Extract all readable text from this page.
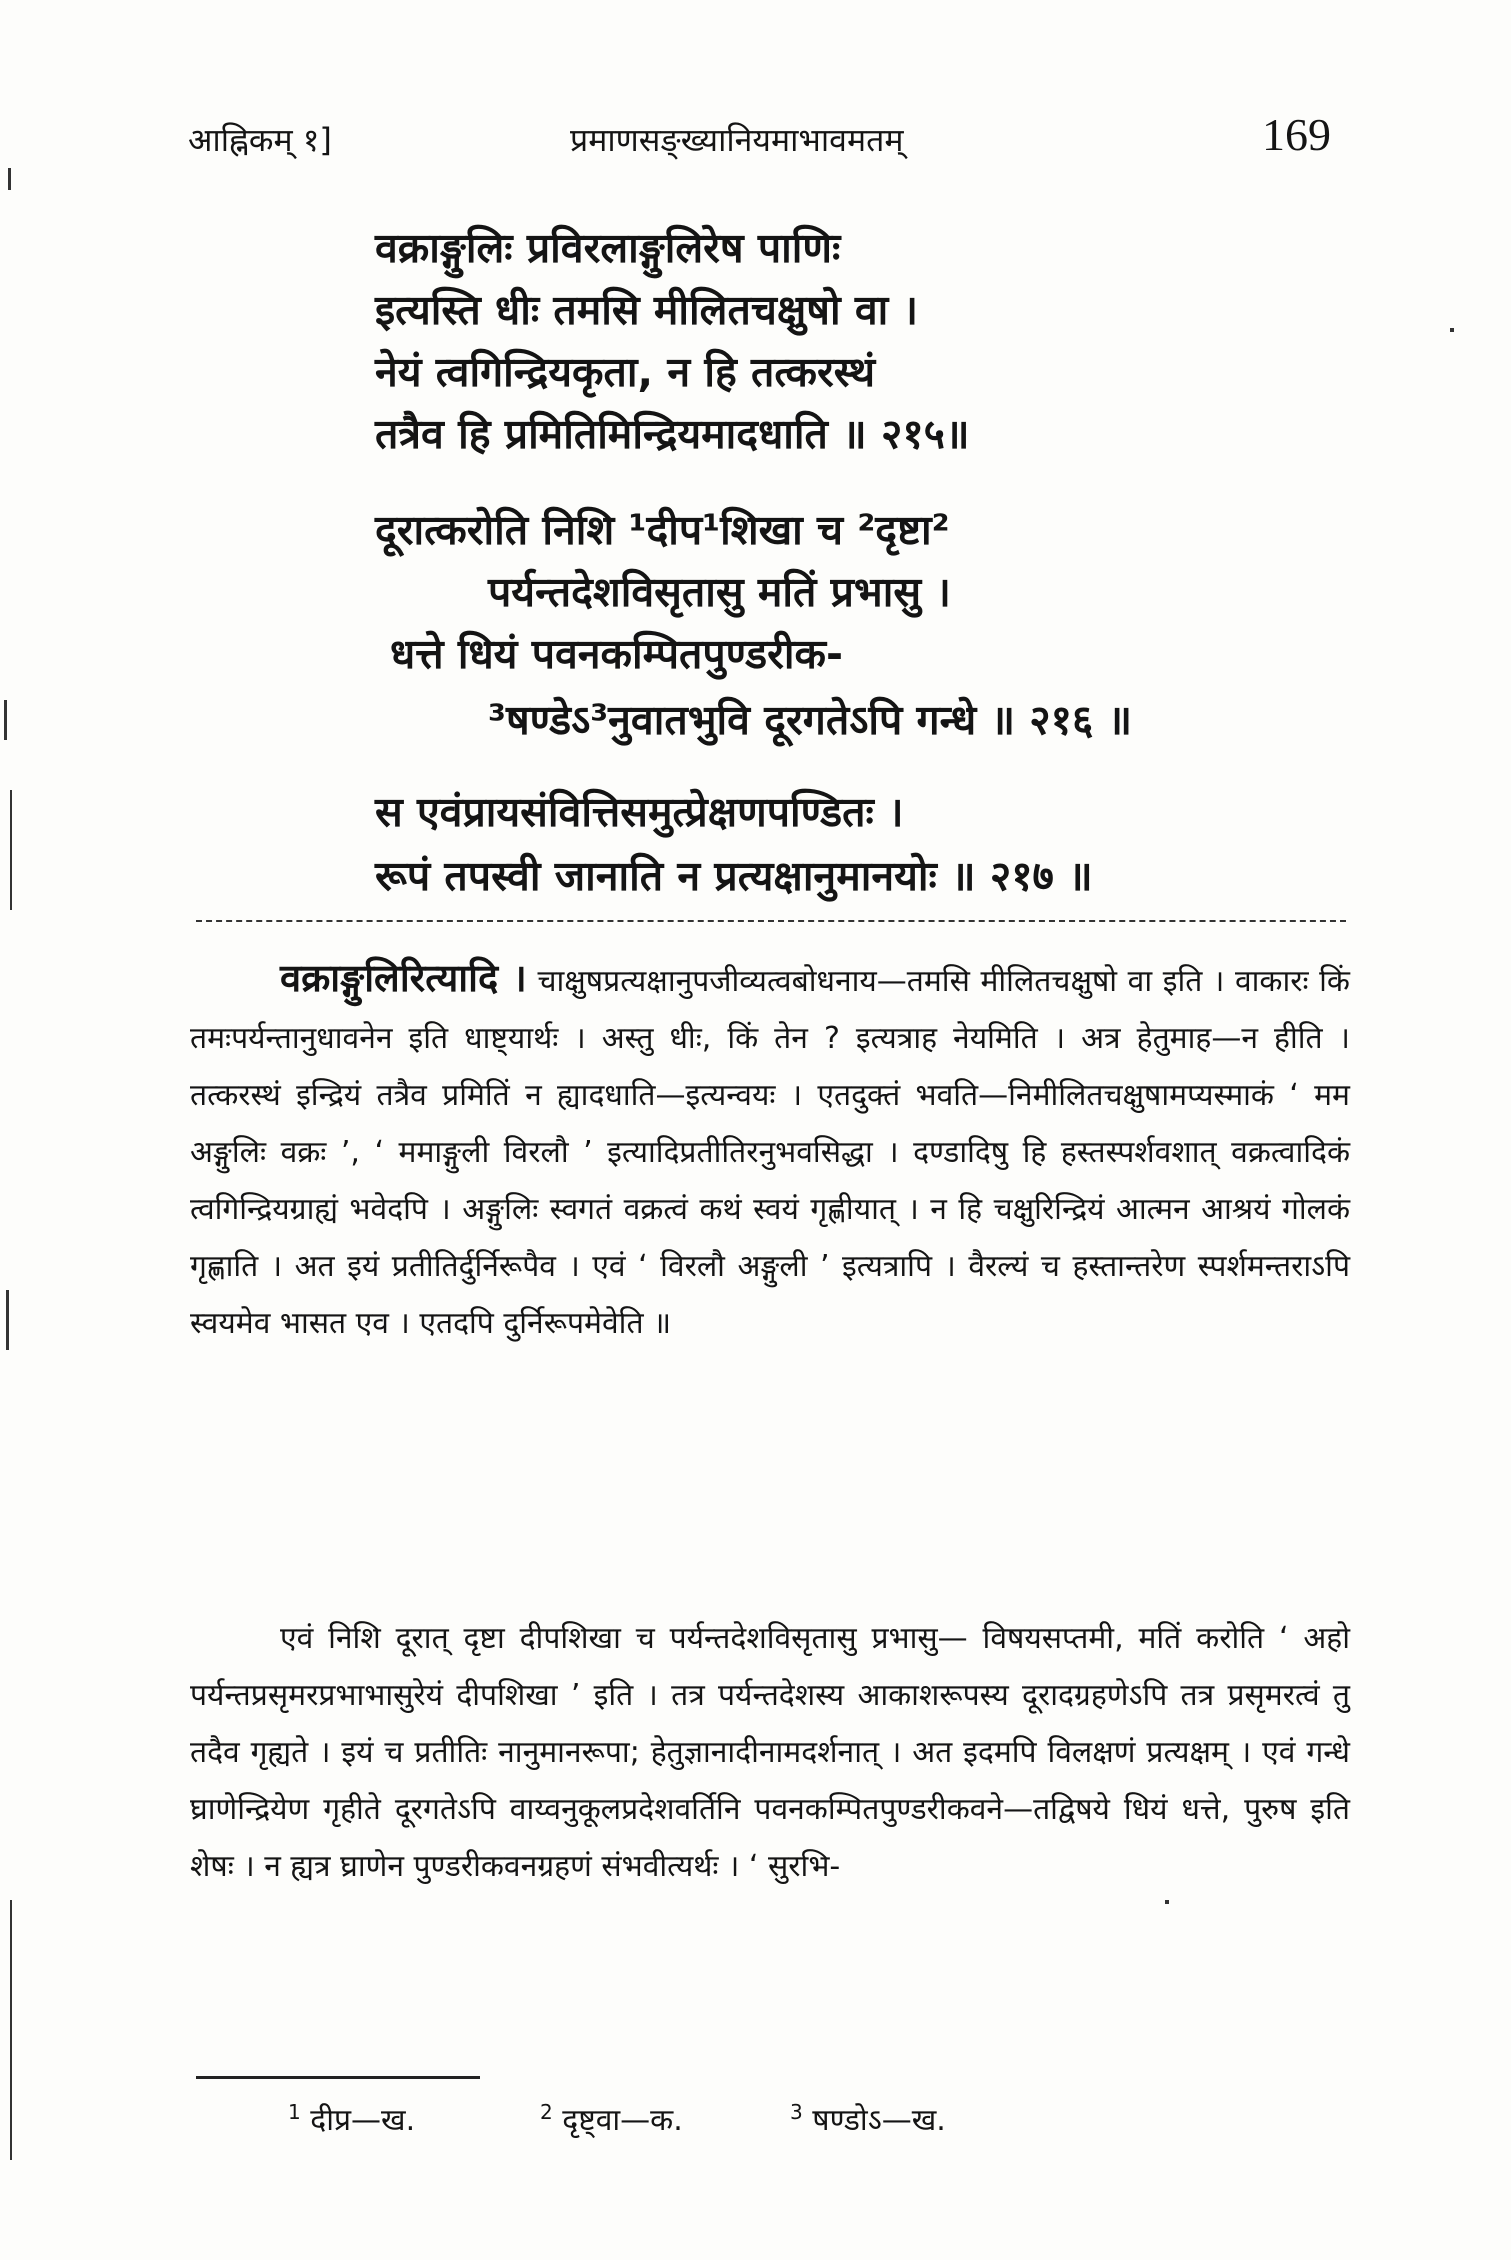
आह्निकम् १]	प्रमाणसङ्ख्यानियमाभावमतम्	169
वक्राङ्गुलिः प्रविरलाङ्गुलिरेष पाणिः
इत्यस्ति धीः तमसि मीलितचक्षुषो वा ।
नेयं त्वगिन्द्रियकृता, न हि तत्करस्थं
तत्रैव हि प्रमितिमिन्द्रियमादधाति ॥ २१५॥
दूरात्करोति निशि ¹दीप¹शिखा च ²दृष्टा²
पर्यन्तदेशविसृतासु मतिं प्रभासु ।
धत्ते धियं पवनकम्पितपुण्डरीक-
³षण्डेऽ³नुवातभुवि दूरगतेऽपि गन्धे ॥ २१६ ॥
स एवंप्रायसंवित्तिसमुत्प्रेक्षणपण्डितः ।
रूपं तपस्वी जानाति न प्रत्यक्षानुमानयोः ॥ २१७ ॥

वक्राङ्गुलिरित्यादि । चाक्षुषप्रत्यक्षानुपजीव्यत्वबोधनाय—तमसि मीलितचक्षुषो वा इति । वाकारः किं तमःपर्यन्तानुधावनेन इति धाष्ट्यार्थः । अस्तु धीः, किं तेन ? इत्यत्राह नेयमिति । अत्र हेतुमाह—न हीति । तत्करस्थं इन्द्रियं तत्रैव प्रमितिं न ह्यादधाति—इत्यन्वयः । एतदुक्तं भवति—निमीलितचक्षुषामप्यस्माकं ‘ मम अङ्गुलिः वक्रः ’, ‘ ममाङ्गुली विरलौ ’ इत्यादिप्रतीतिरनुभवसिद्धा । दण्डादिषु हि हस्तस्पर्शवशात् वक्रत्वादिकं त्वगिन्द्रियग्राह्यं भवेदपि । अङ्गुलिः स्वगतं वक्रत्वं कथं स्वयं गृह्णीयात् । न हि चक्षुरिन्द्रियं आत्मन आश्रयं गोलकं गृह्णाति । अत इयं प्रतीतिर्दुर्निरूपैव । एवं ‘ विरलौ अङ्गुली ’ इत्यत्रापि । वैरल्यं च हस्तान्तरेण स्पर्शमन्तराऽपि स्वयमेव भासत एव । एतदपि दुर्निरूपमेवेति ॥

एवं निशि दूरात् दृष्टा दीपशिखा च पर्यन्तदेशविसृतासु प्रभासु— विषयसप्तमी, मतिं करोति ‘ अहो पर्यन्तप्रसृमरप्रभाभासुरेयं दीपशिखा ’ इति । तत्र पर्यन्तदेशस्य आकाशरूपस्य दूरादग्रहणेऽपि तत्र प्रसृमरत्वं तु तदैव गृह्यते । इयं च प्रतीतिः नानुमानरूपा; हेतुज्ञानादीनामदर्शनात् । अत इदमपि विलक्षणं प्रत्यक्षम् । एवं गन्धे घ्राणेन्द्रियेण गृहीते दूरगतेऽपि वाय्वनुकूलप्रदेशवर्तिनि पवनकम्पितपुण्डरीकवने—तद्विषये धियं धत्ते, पुरुष इति शेषः । न ह्यत्र घ्राणेन पुण्डरीकवनग्रहणं संभवीत्यर्थः । ‘ सुरभि-

$^1$ दीप्र—ख.	$^2$ दृष्ट्वा—क.	$^3$ षण्डोऽ—ख.
